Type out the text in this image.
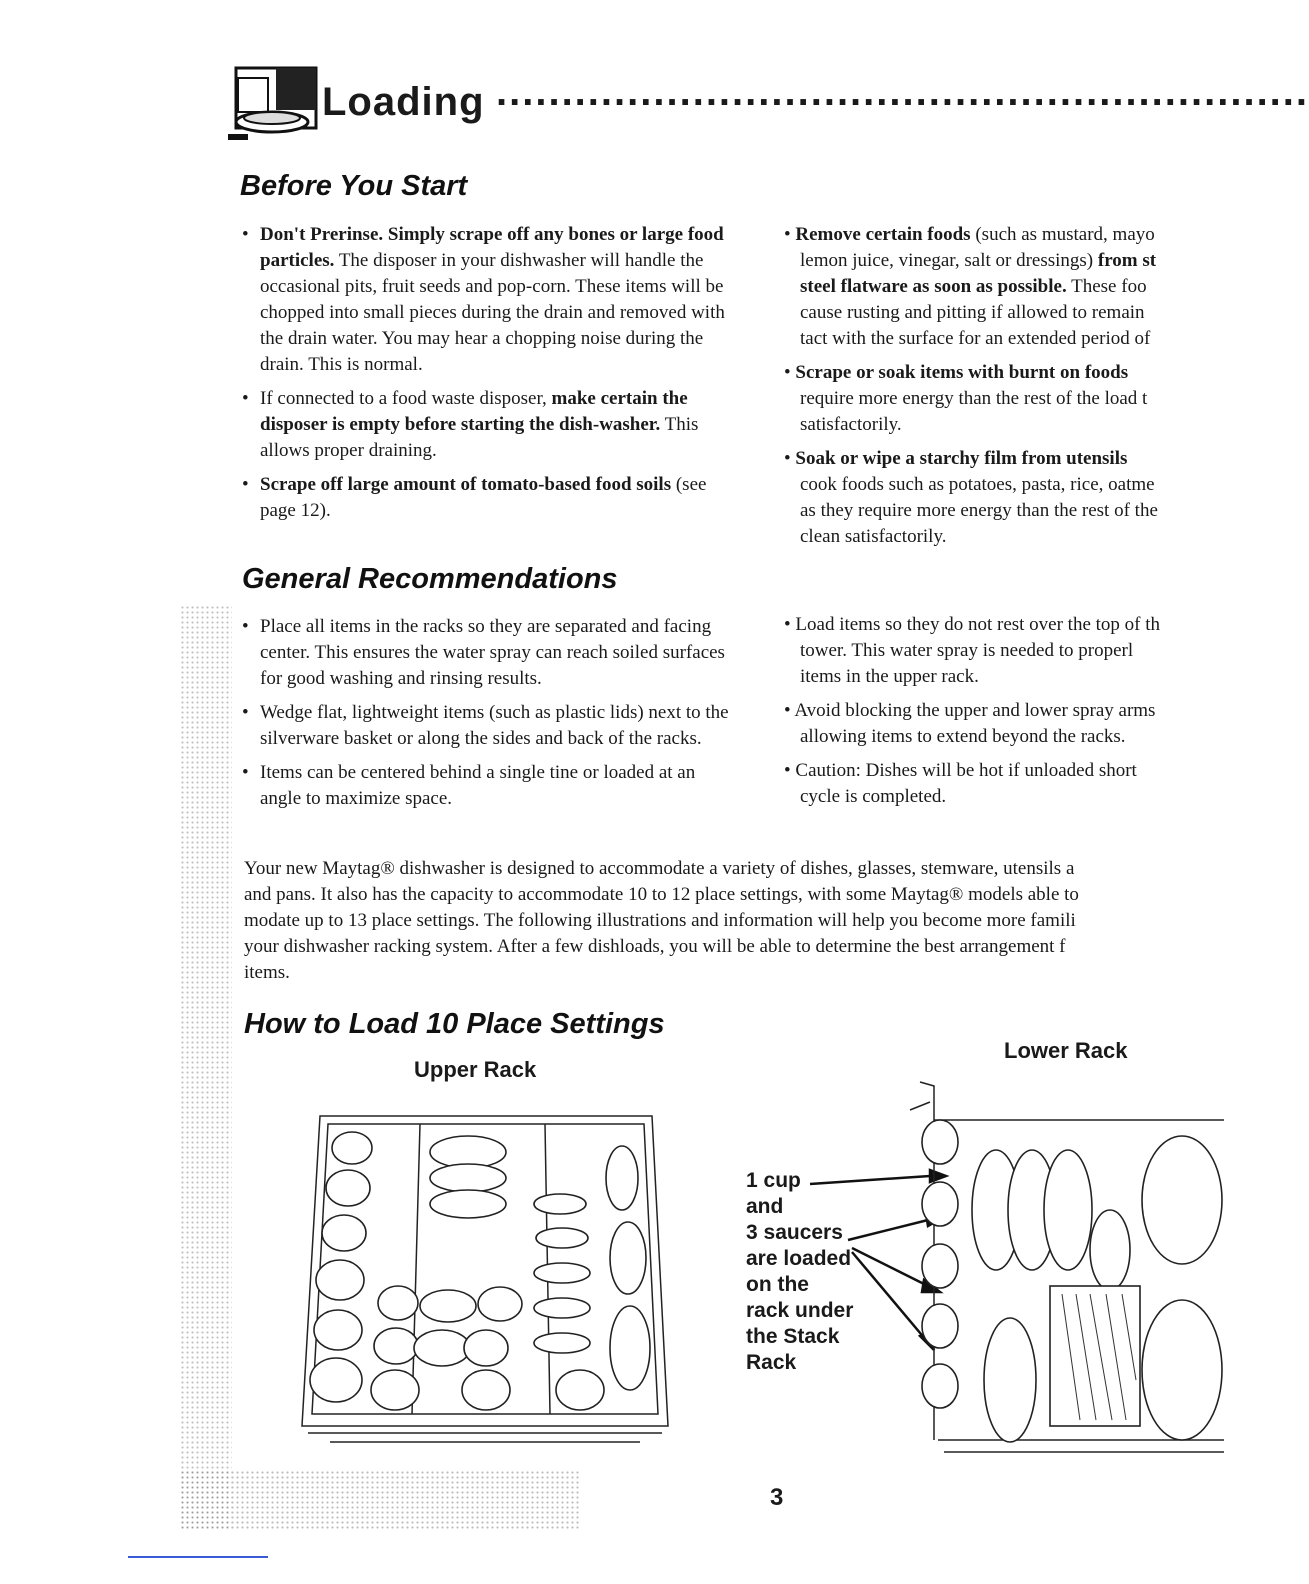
Loading ..............................................................
Before You Start
• Don't Prerinse. Simply scrape off any bones or large food particles. The disposer in your dishwasher will handle the occasional pits, fruit seeds and pop-corn. These items will be chopped into small pieces during the drain and removed with the drain water. You may hear a chopping noise during the drain. This is normal.
• If connected to a food waste disposer, make certain the disposer is empty before starting the dish-washer. This allows proper draining.
• Scrape off large amount of tomato-based food soils (see page 12).
• Remove certain foods (such as mustard, mayo
lemon juice, vinegar, salt or dressings) from st
steel flatware as soon as possible. These foo
cause rusting and pitting if allowed to remain
tact with the surface for an extended period of
• Scrape or soak items with burnt on foods
require more energy than the rest of the load t
satisfactorily.
• Soak or wipe a starchy film from utensils
cook foods such as potatoes, pasta, rice, oatme
as they require more energy than the rest of the
clean satisfactorily.
General Recommendations
• Place all items in the racks so they are separated and facing center. This ensures the water spray can reach soiled surfaces for good washing and rinsing results.
• Wedge flat, lightweight items (such as plastic lids) next to the silverware basket or along the sides and back of the racks.
• Items can be centered behind a single tine or loaded at an angle to maximize space.
• Load items so they do not rest over the top of th
tower. This water spray is needed to properl
items in the upper rack.
• Avoid blocking the upper and lower spray arms
allowing items to extend beyond the racks.
• Caution: Dishes will be hot if unloaded short
cycle is completed.
Your new Maytag® dishwasher is designed to accommodate a variety of dishes, glasses, stemware, utensils a
and pans. It also has the capacity to accommodate 10 to 12 place settings, with some Maytag® models able to
modate up to 13 place settings. The following illustrations and information will help you become more famili
your dishwasher racking system. After a few dishloads, you will be able to determine the best arrangement f
items.
How to Load 10 Place Settings
Upper Rack
Lower Rack
1 cup
and
3 saucers
are loaded
on the
rack under
the Stack
Rack
3
